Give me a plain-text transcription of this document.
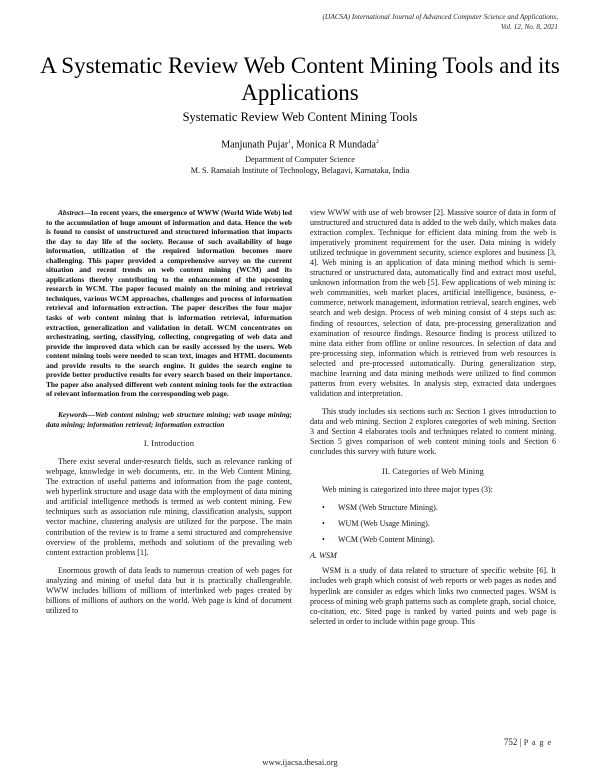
(IJACSA) International Journal of Advanced Computer Science and Applications,
Vol. 12, No. 8, 2021
A Systematic Review Web Content Mining Tools and its Applications
Systematic Review Web Content Mining Tools
Manjunath Pujar$^1$, Monica R Mundada$^2$
Department of Computer Science
M. S. Ramaiah Institute of Technology, Belagavi, Karnataka, India

Abstract—In recent years, the emergence of WWW (World Wide Web) led to the accumulation of huge amount of information and data. Hence the web is found to consist of unstructured and structured information that impacts the day to day life of the society. Because of such availability of huge information, utilization of the required information becomes more challenging. This paper provided a comprehensive survey on the current situation and recent trends on web content mining (WCM) and its applications thereby contributing to the enhancement of the upcoming research in WCM. The paper focused mainly on the mining and retrieval techniques, various WCM approaches, challenges and process of information retrieval and information extraction. The paper describes the four major tasks of web content mining that is information retrieval, information extraction, generalization and validation in detail. WCM concentrates on orchestrating, sorting, classifying, collecting, congregating of web data and provide the improved data which can be easily accessed by the users. Web content mining tools were needed to scan text, images and HTML documents and provide results to the search engine. It guides the search engine to provide better productive results for every search based on their importance. The paper also analysed different web content mining tools for the extraction of relevant information from the corresponding web page.

Keywords—Web content mining; web structure mining; web usage mining; data mining; information retrieval; information extraction

I. Introduction

There exist several under-research fields, such as relevance ranking of webpage, knowledge in web documents, etc. in the Web Content Mining. The extraction of useful patterns and information from the page content, web hyperlink structure and usage data with the employment of data mining and artificial intelligence methods is termed as web content mining. Few techniques such as association rule mining, classification analysis, support vector machine, clustering analysis are utilized for the purpose. The main contribution of the review is to frame a semi structured and comprehensive overview of the problems, methods and solutions of the prevailing web content extraction problems [1].

Enormous growth of data leads to numerous creation of web pages for analyzing and mining of useful data but it is practically challengeable. WWW includes billions of millions of interlinked web pages created by billions of millions of authors on the world. Web page is kind of document utilized to

view WWW with use of web browser [2]. Massive source of data in form of unstructured and structured data is added to the web daily, which makes data extraction complex. Technique for efficient data mining from the web is imperatively prominent requirement for the user. Data mining is widely utilized technique in government security, science explores and business [3, 4]. Web mining is an application of data mining method which is semi-structured or unstructured data, automatically find and extract most useful, unknown information from the web [5]. Few applications of web mining is: web communities, web market places, artificial intelligence, business, e-commerce, network management, information retrieval, search engines, web search and web design. Process of web mining consist of 4 steps such as: finding of resources, selection of data, pre-processing generalization and examination of resource findings. Resource finding is process utilized to mine data either from offline or online resources. In selection of data and pre-processing step, information which is retrieved from web resources is selected and pre-processed automatically. During generalization step, machine learning and data mining methods were utilized to find common patterns from every websites. In analysis step, extracted data undergoes validation and interpretation.

This study includes six sections such as: Section 1 gives introduction to data and web mining. Section 2 explores categories of web mining. Section 3 and Section 4 elaborates tools and techniques related to content mining. Section 5 gives comparison of web content mining tools and Section 6 concludes this survey with future work.

II. Categories of Web Mining

Web mining is categorized into three major types (3):

• WSM (Web Structure Mining).
• WUM (Web Usage Mining).
• WCM (Web Content Mining).
A. WSM

WSM is a study of data related to structure of specific website [6]. It includes web graph which consist of web reports or web pages as nodes and hyperlink are consider as edges which links two connected pages. WSM is process of mining web graph patterns such as complete graph, social choice, co-citation, etc. Sited page is ranked by varied points and web page is selected in order to include within page group. This

752 | P a g e
www.ijacsa.thesai.org
